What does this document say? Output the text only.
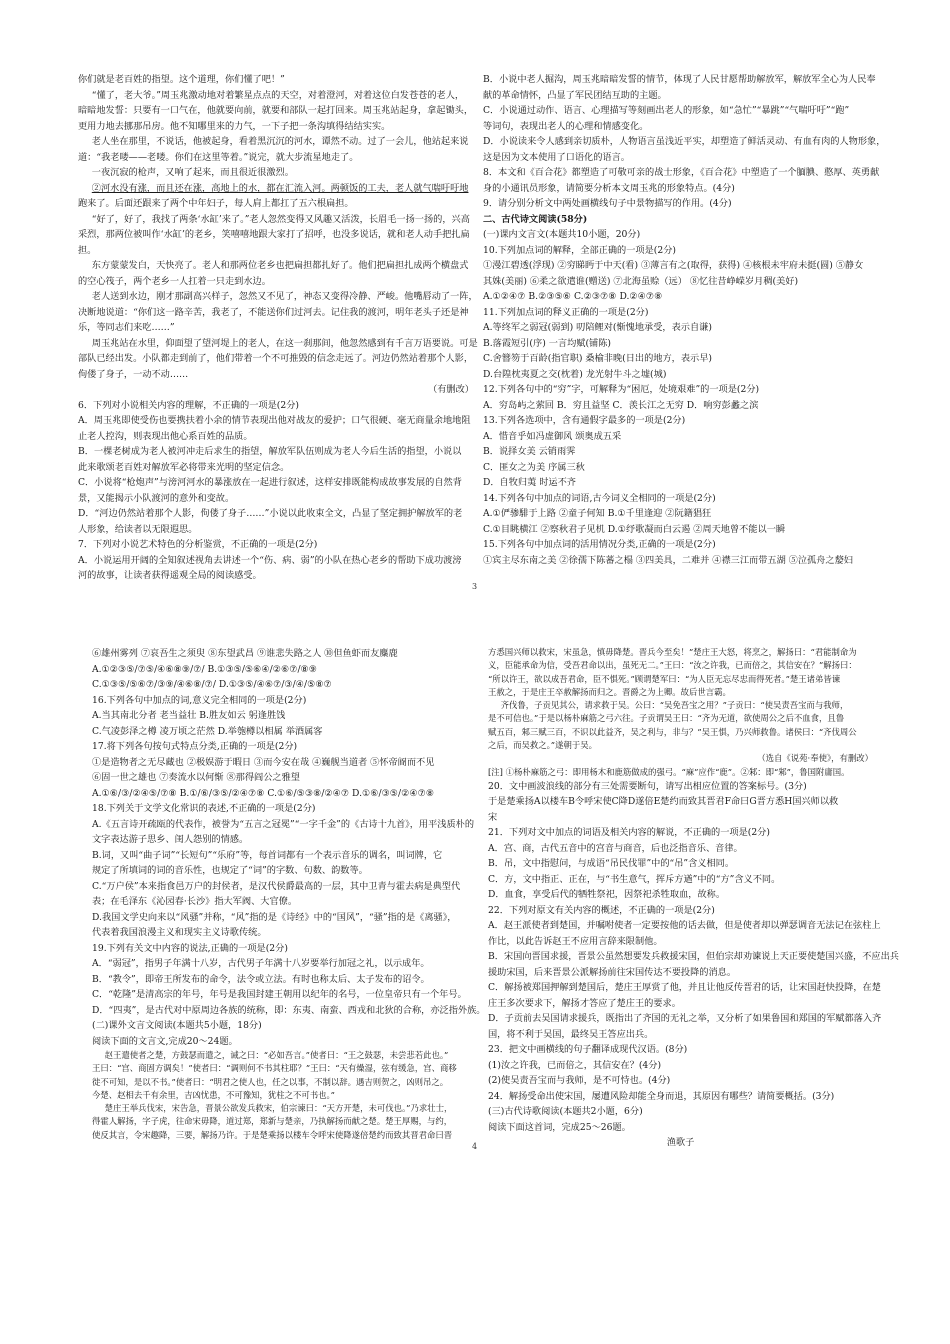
你们就是老百姓的指望。这个道理，你们懂了吧！”

“懂了，老大爷。”周玉兆激动地对着繁星点点的天空，对着澄河，对着这位白发苍苍的老人，

暗暗地发誓：只要有一口气在，他就要向前，就要和部队一起打回来。周玉兆站起身，拿起锄头，

更用力地去挪那吊房。他不知哪里来的力气，一下子把一条沟填得结结实实。

老人坐在那里，不说话，他被起身，看着黑沉沉的河水，谭然不动。过了一会儿，他站起来说

道：“我老喽——老喽。你们在这里等着。”说完，就大步流星地走了。

一夜沉寂的枪声，又响了起来，而且很近很激烈。

②河水没有涨，而且还在涨，高地上的水，都在汇流入河。两顿饭的工夫，老人就气喘吁吁地

跑来了。后面还跟来了两个中年妇子，每人肩上都扛了五六根扁担。

“好了，好了，我找了两条‘水缸’来了。”老人忽然变得又风趣又活泼，长眉毛一扬一扬的，兴高

采烈，那两位被叫作‘水缸’的老乡，笑嘻嘻地跟大家打了招呼，也没多说话，就和老人动手把扎扁

担。

东方蒙蒙发白，天快亮了。老人和那两位老乡也把扁担都扎好了。他们把扁担扎成两个横盘式

的空心筏子，两个老乡一人扛着一只走到水边。

老人送到水边，刚才那副高兴样子，忽然又不见了，神态又变得冷静、严峻。他嘴唇动了一阵，

决断地说道：“你们这一路辛苦，我老了，不能送你们过河去。记住我的渡河，明年老头子还是神

乐，等同志们来吃……”

周玉兆站在水里，仰面望了望河堤上的老人，在这一刹那间，他忽然感到有千言万语要说。可是

部队已经出发。小队都走到前了，他们带着一个不可推毁的信念走远了。河边仍然站着那个人影，

佝偻了身子，一动不动……

（有删改）

6．下列对小说相关内容的理解，不正确的一项是(2分)

A．周玉兆即使受伤也要携扶着小余的情节表现出他对战友的爱护；口气很硬、毫无商量余地地阻

止老人控沟，则表现出他心系百姓的品质。

B．一棵老树成为老人被河冲走后求生的指望，解放军队伍则成为老人今后生活的指望，小说以

此来歌颂老百姓对解放军必将带来光明的坚定信念。

C．小说将“枪炮声”与滂河河水的暴涨放在一起进行叙述，这样安排既能构成故事发展的自然背

景，又能揭示小队渡河的意外和变故。

D．“河边仍然站着那个人影，佝偻了身子……”小说以此收束全文，凸显了坚定拥护解放军的老

人形象，给读者以无限遐思。

7．下列对小说艺术特色的分析鉴赏，不正确的一项是(2分)

A．小说运用开阔的全知叙述视角去讲述一个“伤、病、弱”的小队在热心老乡的帮助下成功渡滂

河的故事，让读者获得遥观全局的阅读感受。

B．小说中老人掘沟，周玉兆暗暗发誓的情节，体现了人民甘愿帮助解放军，解放军全心为人民奉

献的革命情怀，凸显了军民团结互助的主题。

C．小说通过动作、语言、心理描写等刻画出老人的形象，如“急忙”“暴跳”“气喘吁吁”“跑”

等词句，表现出老人的心理和情感变化。

D．小说读来令人感到亲切质朴，人物语言虽浅近平实，却塑造了鲜活灵动、有血有肉的人物形象，

这是因为文本使用了口语化的语言。

8．本文和《百合花》都塑造了可敬可亲的战士形象，《百合花》中塑造了一个腼腆、憨厚、英勇献

身的小通讯员形象，请简要分析本文周玉兆的形象特点。(4分)

9．请分别分析文中两处画横线句子中景物描写的作用。(4分)

二、古代诗文阅读(58分)

(一)课内文言文(本题共10小题，20分)

10.下列加点词的解释，全部正确的一项是(2分)

①漫江碧透(浮现) ②穷睇眄于中天(看) ③薄言有之(取得，获得) ④核根未牢府未挺(圆) ⑤静女

其姝(美丽) ⑥柔之欲遣谁(赠送) ⑦北海虽赊（远） ⑧忆往昔峥嵘岁月稠(美好)

A.①②④⑦ B.②③⑤⑥ C.②③⑦⑧ D.②④⑦⑧

11.下列加点词的释义正确的一项是(2分)

A.等终军之弱冠(弱到) 叨陪鲤对(惭愧地承受，表示自谦)

B.落霞短引(序) 一言均赋(铺陈)

C.舍簪笏于百龄(指官职) 桑榆非晚(日出的地方，表示早)

D.台隍枕夷夏之交(枕着) 龙光射牛斗之墟(城)

12.下列各句中的“穷”字，可解释为“困厄，处境艰难”的一项是(2分)

A．穷岛屿之萦回 B．穷且益坚 C．羡长江之无穷 D．响穷彭蠡之滨

13.下列各选项中，含有通假字最多的一项是(2分)

A．惜音乎如冯虚御风 颂奥成五采

B．说择女美 云销雨霁

C．匪女之为美 序属三秋

D．自牧归荑 时运不齐

14.下列各句中加点的词语,古今词义全相同的一项是(2分)

A.①俨骖騑于上路 ②童子何知 B.①千里逢迎 ②阮籍猖狂

C.①目眺横江 ②察秋君子见机 D.①纾歌凝而白云遏 ②周天地曾不能以一瞬

15.下列各句中加点词的活用情况分类,正确的一项是(2分)

①宾主尽东南之美 ②徐孺下陈蕃之榻 ③四美具，二难并 ④襟三江而带五湖 ⑤泣孤舟之嫠妇

3

⑥雄州雾列 ⑦哀吾生之须臾 ⑧东望武昌 ⑨谁悲失路之人 ⑩但鱼虾而友麋鹿

A.①②③⑤/⑦⑤/④⑥⑧⑨/⑦/ B.①③⑤/⑤⑥④/②⑥⑦/⑧⑨

C.①③⑤/⑤⑥⑦/③⑨/④⑥⑧/⑦/ D.①③⑤/④⑥⑦/③/④/⑤⑧⑦

16.下列各句中加点的词,意义完全相同的一项是(2分)

A.当其南北分者 老当益壮 B.胜友如云 躬逢胜饯

C.气凌彭泽之樽 凌万顷之茫然 D.举匏樽以相属 举酒属客

17.将下列各句按句式特点分类,正确的一项是(2分)

①是造物者之无尽藏也 ②极娱游于暇日 ③而今安在哉 ④巍舰当道者 ⑤怀帝阍而不见

⑥固一世之雄也 ⑦奏流水以何惭 ⑧那得阎公之雅望

A.①⑥/③/②④⑤/⑦⑧ B.①/⑥/③⑤/②④⑦⑧ C.①⑥/⑤③⑧/②④⑦ D.①⑥/③⑤/②④⑦⑧

18.下列关于文学文化常识的表述,不正确的一项是(2分)

A.《五言诗开疏瓯的代表作，被誉为“五言之冠冕”“一字千金”的《古诗十九首》，用平浅质朴的

文字表达游子思乡、闺人怨别的情感。

B.词，又叫“曲子词”“长短句”“乐府”等，每首词都有一个表示音乐的调名，叫词牌，它

规定了所填词的词的音乐性，也规定了“词”的字数、句数、韵数等。

C.“万户侯”本来指食邑万户的封侯者，是汉代侯爵最高的一层，其中卫青与霍去病是典型代

表；在毛泽东《沁园春·长沙》指大军阀、大官僚。

D.我国文学史向来以“风骚”并称，“风”指的是《诗经》中的“国风”，“骚”指的是《离骚》，

代表着我国浪漫主义和现实主义诗歌传统。

19.下列有关文中内容的说法,正确的一项是(2分)

A．“弱冠”，指男子年满十八岁，古代男子年满十八岁要举行加冠之礼，以示成年。

B．“教令”，即帝王所发布的命令，法令或立法。有时也称太后、太子发布的诏令。

C．“乾隆”是清高宗的年号，年号是我国封建王朝用以纪年的名号，一位皇帝只有一个年号。

D．“四夷”，是古代对中原周边各族的统称，即：东夷、南蛮、西戎和北狄的合称，亦泛指外族。

(二)课外文言文阅读(本题共5小题，18分)

阅读下面的文言文,完成20～24题。

赵王遣使者之楚，方鼓瑟而遣之，诫之曰：“必如吾言。”使者曰：“王之鼓瑟，未尝悲若此也。”

王曰：“宫、商固方调矣！”使者曰：“调则何不书其柱耶？”王曰：“天有燥湿，弦有缓急，宫、商移

徙不可知，是以不书。”使者曰：“明君之使人也，任之以事，不制以辞。遇吉则贺之，凶则吊之。

今楚、赵相去千有余里，吉凶忧患，不可豫知，犹柱之不可书也。”

楚庄王举兵伐宋，宋告急，晋景公欲发兵救宋，伯宗谏曰：“天方开楚，未可伐也。”乃求壮士，

得霍人解扬，字子虎，往命宋毋降，道过郑，郑新与楚亲，乃执解扬而献之楚。楚王厚赐，与约，

使反其言，令宋趣降，三要，解扬乃许。于是楚乘扬以楼车令呼宋使降遂倍楚约而致其晋君命曰晋

方悉国兴师以救宋，宋虽急，慎毋降楚。晋兵今至矣！”楚庄王大怒，将烹之，解扬曰：“君能制命为

义，臣能承命为信，受吾君命以出，虽死无二。”王曰：“汝之许我，已而倍之，其信安在？”解扬曰：

“所以许王，欲以成吾君命，臣不惧死。”顾谓楚军曰：“为人臣无忘尽忠而得死者。”楚王诸弟皆谏

王赦之，于是庄王卒赦解扬而归之。晋爵之为上卿。故后世言霸。

齐伐鲁，子贡见其公，请求救于吴。公曰：“吴免吾宝之用？”子贡曰：“使吴责吾宝而与我师，

是不可信也。”于是以杨朴麻筋之弓六往。子贡谓吴王曰：“齐为无道，欲使周公之后不血食，且鲁

赋五百，邾三赋三百，不识以此益齐，吴之利与，非与？”吴王惧，乃兴师救鲁。诸侯曰：“齐伐周公

之后，而吴救之。”遂朝于吴。

（选自《说苑·奉使》，有删改）

[注] ①杨朴麻筋之弓：即用杨木和鹿筋做成的强弓。“麻”应作“鹿”。②邾：即“邾”，鲁国附庸国。

20．文中画波浪线的部分有三处需要断句，请写出相应位置的答案标号。(3分)

于是楚乘扬A以楼车B令呼宋使C降D遂倍E楚约而致其晋君F命曰G晋方悉H国兴师以救

宋

21．下列对文中加点的词语及相关内容的解说，不正确的一项是(2分)

A．宫、商，古代五音中的宫音与商音，后也泛指音乐、音律。

B．吊，文中指慰问，与成语“吊民伐罪”中的“吊”含义相同。

C．方，文中指正、正在，与“书生意气，挥斥方遒”中的“方”含义不同。

D．血食，享受后代的牺牲祭祀，因祭祀杀牲取血，故称。

22．下列对原文有关内容的概述，不正确的一项是(2分)

A．赵王派使者到楚国，并嘱咐使者一定要按他的话去做，但是使者却以弹瑟调音无法记在弦柱上

作比，以此告诉赵王不应用言辞来限制他。

B．宋国向晋国求援，晋景公虽然想要发兵救援宋国，但伯宗却劝谏说上天正要使楚国兴盛，不应出兵

援助宋国，后来晋景公派解扬前往宋国传达不要投降的消息。

C．解扬被郑国押解到楚国后，楚庄王厚赏了他，并且让他反传晋君的话，让宋国赶快投降，在楚

庄王多次要求下，解扬才答应了楚庄王的要求。

D．子贡前去吴国请求援兵，既指出了齐国的无礼之举，又分析了如果鲁国和郑国的军赋都落入齐

国，将不利于吴国，最终吴王答应出兵。

23．把文中画横线的句子翻译成现代汉语。(8分)

(1)汝之许我，已而倍之，其信安在？(4分)

(2)使吴责吾宝而与我师，是不可恃也。(4分)

24．解扬受命出使宋国，屡遭风险却能全身而退，其原因有哪些？请简要概括。(3分)

(三)古代诗歌阅读(本题共2小题，6分)

阅读下面这首词，完成25～26题。

渔歌子

4
